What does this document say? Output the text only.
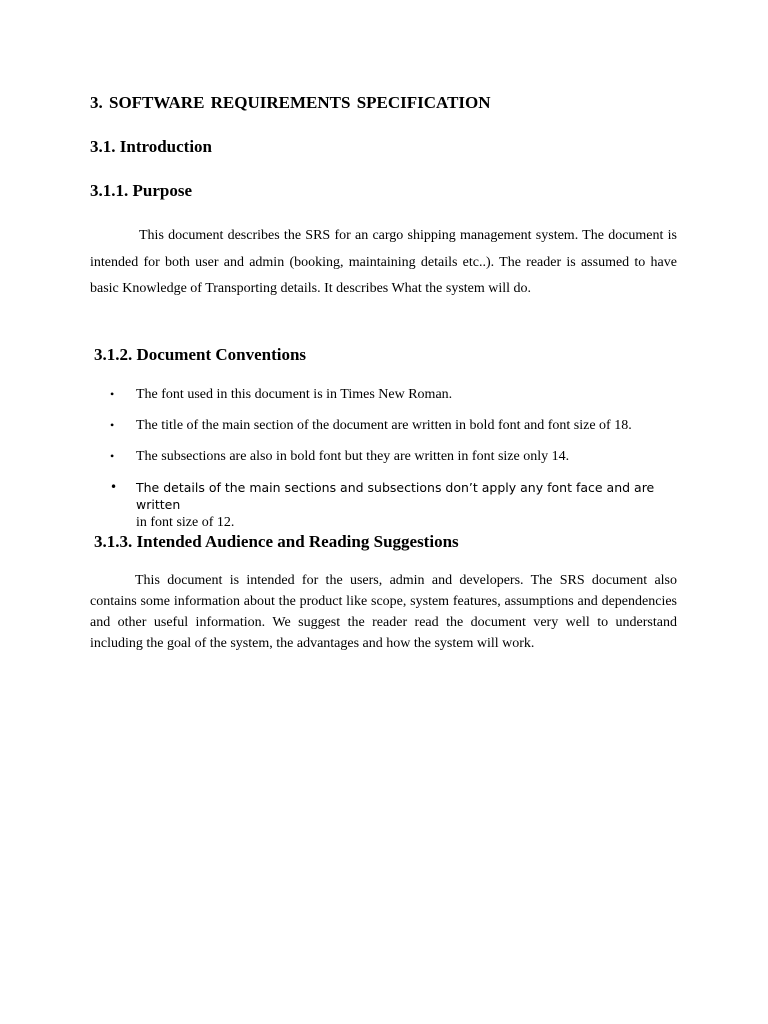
3. SOFTWARE REQUIREMENTS SPECIFICATION
3.1. Introduction
3.1.1. Purpose

This document describes the SRS for an cargo shipping management system. The document is intended for both user and admin (booking, maintaining details etc..). The reader is assumed to have basic Knowledge of Transporting details. It describes What the system will do.

3.1.2. Document Conventions
• The font used in this document is in Times New Roman.
• The title of the main section of the document are written in bold font and font size of 18.
• The subsections are also in bold font but they are written in font size only 14.
• The details of the main sections and subsections don’t apply any font face and are written
in font size of 12.
3.1.3. Intended Audience and Reading Suggestions

This document is intended for the users, admin and developers. The SRS document also contains some information about the product like scope, system features, assumptions and dependencies and other useful information. We suggest the reader read the document very well to understand including the goal of the system, the advantages and how the system will work.
